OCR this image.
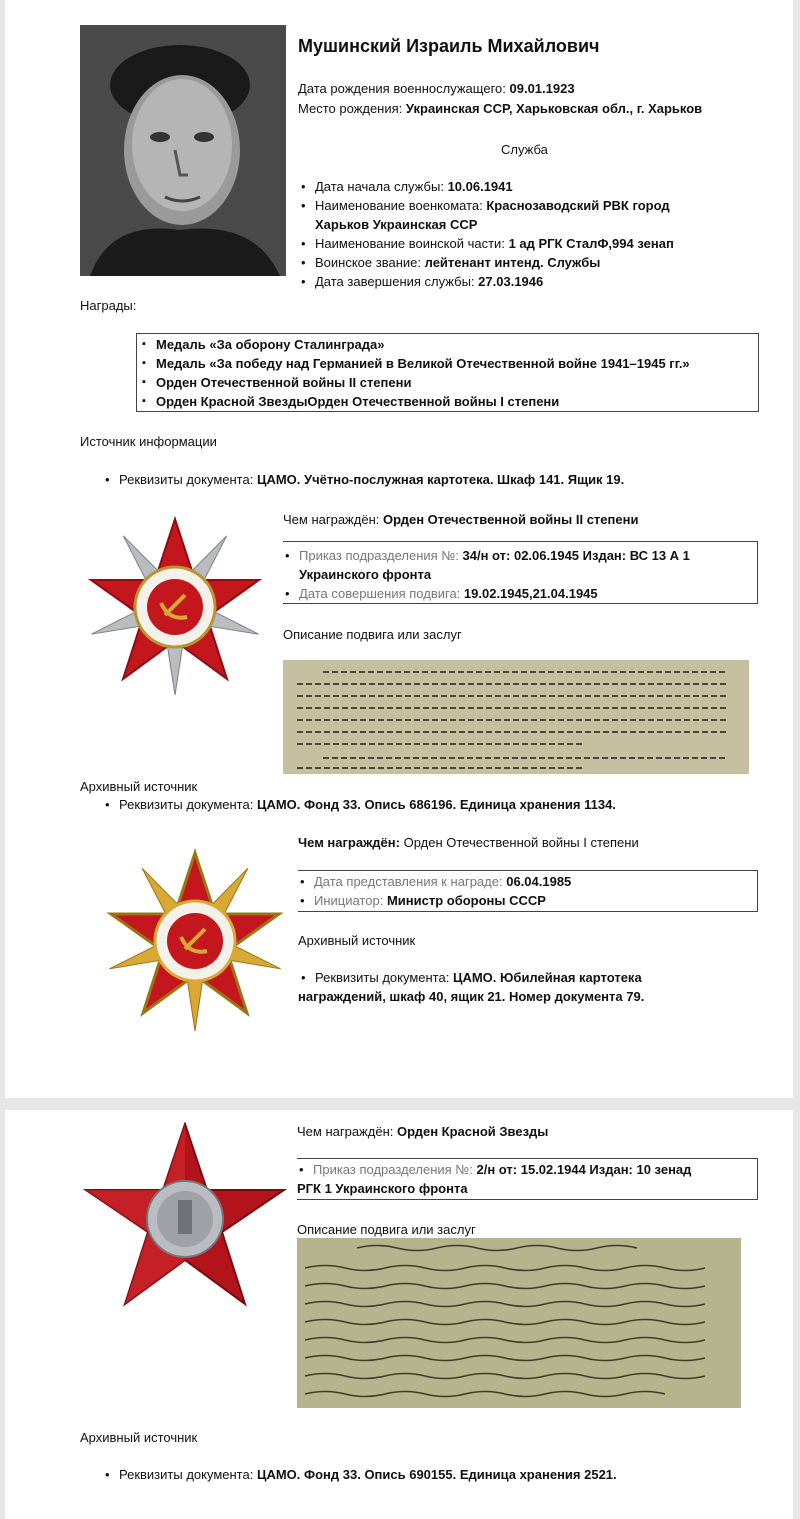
Мушинский Израиль Михайлович
Дата рождения военнослужащего: 09.01.1923
Место рождения: Украинская ССР, Харьковская обл., г. Харьков
Служба
• Дата начала службы: 10.06.1941
• Наименование военкомата: Краснозаводский РВК город
Харьков Украинская ССР
• Наименование воинской части: 1 ад РГК СталФ,994 зенап
• Воинское звание: лейтенант интенд. Службы
• Дата завершения службы: 27.03.1946
Награды:
▪ Медаль «За оборону Сталинграда»
▪ Медаль «За победу над Германией в Великой Отечественной войне 1941–1945 гг.»
▪ Орден Отечественной войны II степени
▪ Орден Красной ЗвездыОрден Отечественной войны I степени
Источник информации
• Реквизиты документа: ЦАМО. Учётно-послужная картотека. Шкаф 141. Ящик 19.
Чем награждён: Орден Отечественной войны II степени
• Приказ подразделения №: 34/н от: 02.06.1945 Издан: ВС 13 А 1
Украинского фронта
• Дата совершения подвига: 19.02.1945,21.04.1945
Описание подвига или заслуг
Архивный источник
• Реквизиты документа: ЦАМО. Фонд 33. Опись 686196. Единица хранения 1134.
Чем награждён: Орден Отечественной войны I степени
• Дата представления к награде: 06.04.1985
• Инициатор: Министр обороны СССР
Архивный источник
• Реквизиты документа: ЦАМО. Юбилейная картотека
награждений, шкаф 40, ящик 21. Номер документа 79.
Чем награждён: Орден Красной Звезды
• Приказ подразделения №: 2/н от: 15.02.1944 Издан: 10 зенад
РГК 1 Украинского фронта
Описание подвига или заслуг
Архивный источник
• Реквизиты документа: ЦАМО. Фонд 33. Опись 690155. Единица хранения 2521.
